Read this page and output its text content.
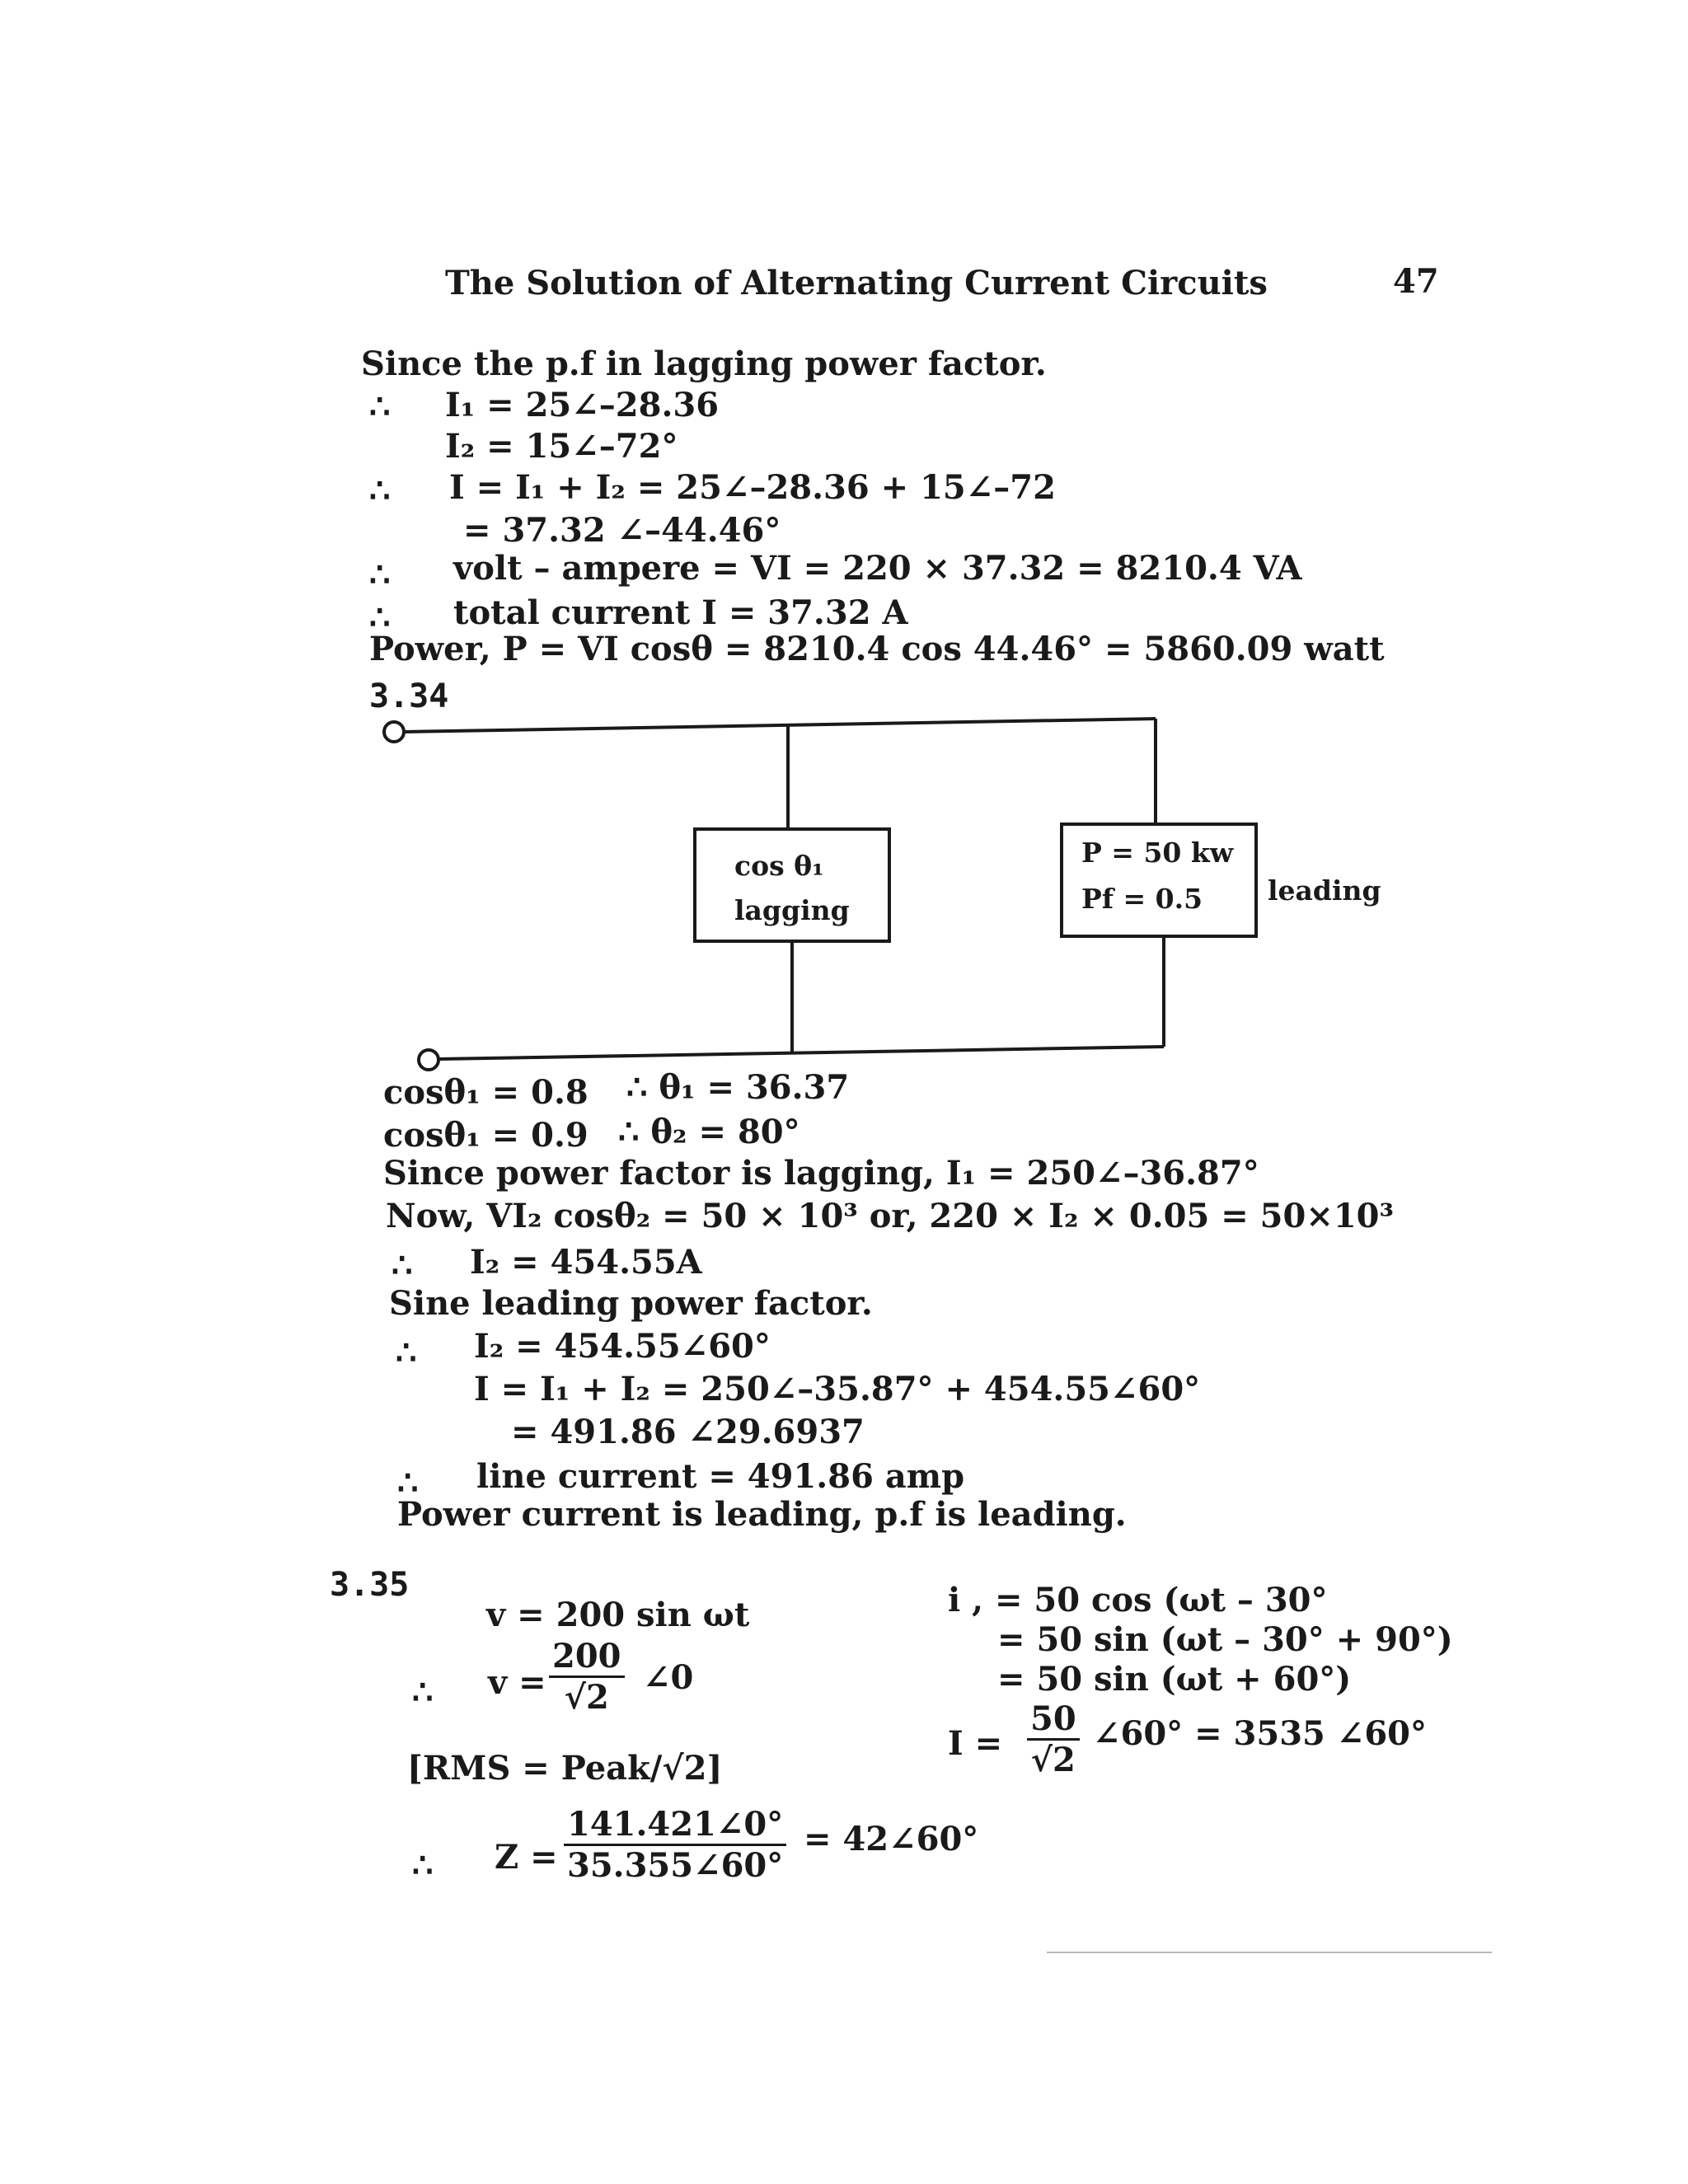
The Solution of Alternating Current Circuits	47
Since the p.f in lagging power factor.
∴ I₁ = 25∠–28.36
I₂ = 15∠–72°
∴ I = I₁ + I₂ = 25∠–28.36 + 15∠–72
= 37.32 ∠–44.46°
∴ volt – ampere = VI = 220 × 37.32 = 8210.4 VA
∴ total current I = 37.32 A
Power, P = VI cosθ = 8210.4 cos 44.46° = 5860.09 watt
3.34
cos θ₁
lagging
P = 50 kw
Pf = 0.5 leading
cosθ₁ = 0.8 ∴ θ₁ = 36.37
cosθ₁ = 0.9 ∴ θ₂ = 80°
Since power factor is lagging, I₁ = 250∠–36.87°
Now, VI₂ cosθ₂ = 50 × 10³ or, 220 × I₂ × 0.05 = 50×10³
∴ I₂ = 454.55A
Sine leading power factor.
∴ I₂ = 454.55∠60°
I = I₁ + I₂ = 250∠–35.87° + 454.55∠60°
= 491.86 ∠29.6937
∴ line current = 491.86 amp
Power current is leading, p.f is leading.
3.35
v = 200 sin ωt
∴ $v = \frac{200}{√2}$ ∠0
[RMS = Peak/√2]
∴ $Z = \frac{141.421\angle 0^\circ}{35.355\angle 60^\circ}$ = 42∠60°
i , = 50 cos (ωt – 30°
= 50 sin (ωt – 30° + 90°)
= 50 sin (ωt + 60°)
$I = \frac{50}{√2}$ ∠60° = 3535 ∠60°
